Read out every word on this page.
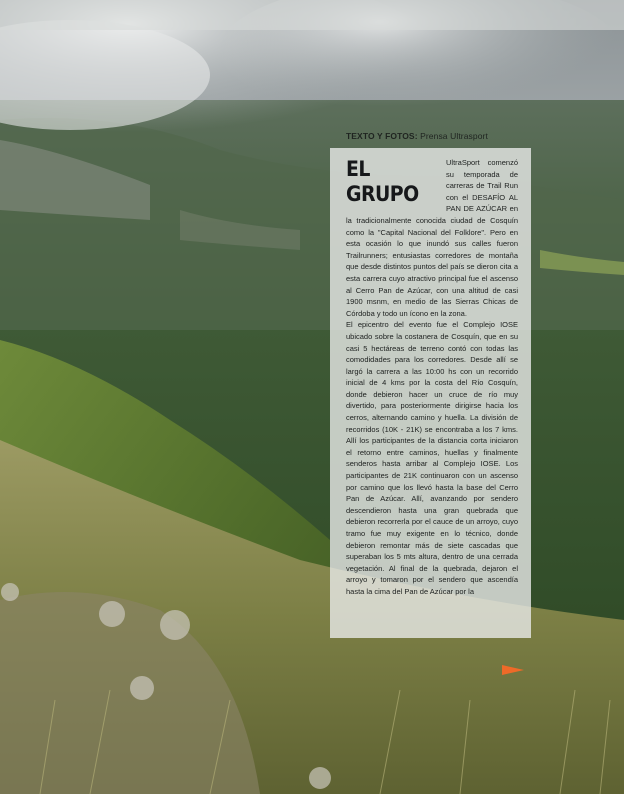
TEXTO Y FOTOS: Prensa Ultrasport
EL GRUPO

UltraSport comenzó su temporada de carreras de Trail Run con el DESAFÍO AL PAN DE AZÚCAR en la tradicionalmente conocida ciudad de Cosquín como la "Capital Nacional del Folklore". Pero en esta ocasión lo que inundó sus calles fueron Trailrunners; entusiastas corredores de montaña que desde distintos puntos del país se dieron cita a esta carrera cuyo atractivo principal fue el ascenso al Cerro Pan de Azúcar, con una altitud de casi 1900 msnm, en medio de las Sierras Chicas de Córdoba y todo un ícono en la zona.

El epicentro del evento fue el Complejo IOSE ubicado sobre la costanera de Cosquín, que en su casi 5 hectáreas de terreno contó con todas las comodidades para los corredores. Desde allí se largó la carrera a las 10:00 hs con un recorrido inicial de 4 kms por la costa del Río Cosquín, donde debieron hacer un cruce de río muy divertido, para posteriormente dirigirse hacia los cerros, alternando camino y huella. La división de recorridos (10K - 21K) se encontraba a los 7 kms. Allí los participantes de la distancia corta iniciaron el retorno entre caminos, huellas y finalmente senderos hasta arribar al Complejo IOSE. Los participantes de 21K continuaron con un ascenso por camino que los llevó hasta la base del Cerro Pan de Azúcar. Allí, avanzando por sendero descendieron hasta una gran quebrada que debieron recorrerla por el cauce de un arroyo, cuyo tramo fue muy exigente en lo técnico, donde debieron remontar más de siete cascadas que superaban los 5 mts altura, dentro de una cerrada vegetación. Al final de la quebrada, dejaron el arroyo y tomaron por el sendero que ascendía hasta la cima del Pan de Azúcar por la
